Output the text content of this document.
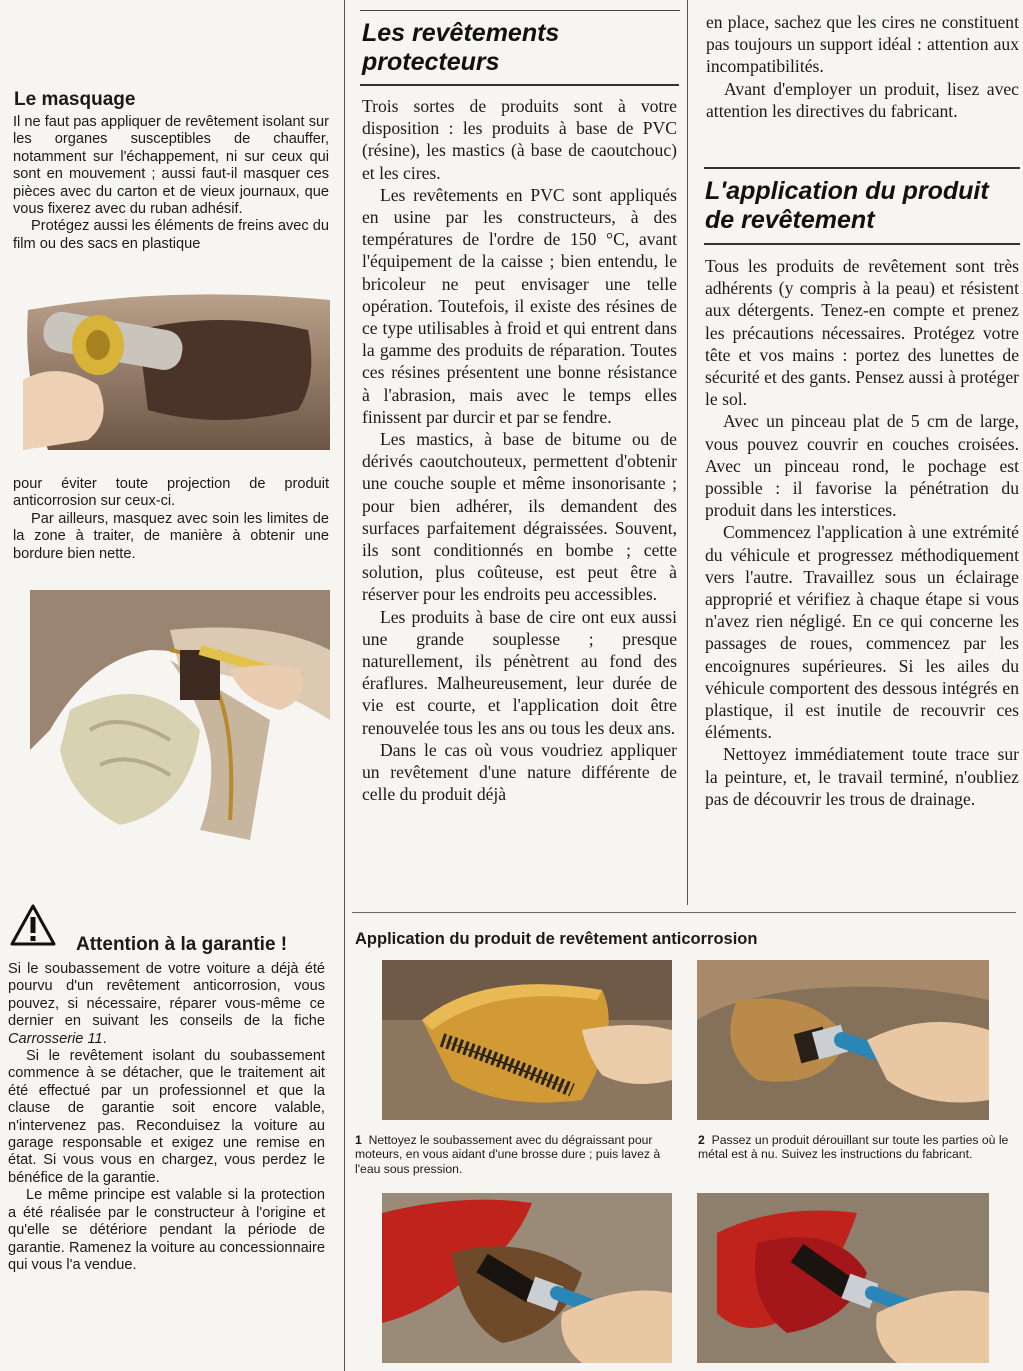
Le masquage

Il ne faut pas appliquer de revêtement isolant sur les organes susceptibles de chauffer, notamment sur l'échappement, ni sur ceux qui sont en mouvement ; aussi faut-il masquer ces pièces avec du carton et de vieux journaux, que vous fixerez avec du ruban adhésif.

Protégez aussi les éléments de freins avec du film ou des sacs en plastique

pour éviter toute projection de produit anticorrosion sur ceux-ci.

Par ailleurs, masquez avec soin les limites de la zone à traiter, de manière à obtenir une bordure bien nette.

Attention à la garantie !

Si le soubassement de votre voiture a déjà été pourvu d'un revêtement anticorrosion, vous pouvez, si nécessaire, réparer vous-même ce dernier en suivant les conseils de la fiche Carrosserie 11.

Si le revêtement isolant du soubassement commence à se détacher, que le traitement ait été effectué par un professionnel et que la clause de garantie soit encore valable, n'intervenez pas. Reconduisez la voiture au garage responsable et exigez une remise en état. Si vous vous en chargez, vous perdez le bénéfice de la garantie.

Le même principe est valable si la protection a été réalisée par le constructeur à l'origine et qu'elle se détériore pendant la période de garantie. Ramenez la voiture au concessionnaire qui vous l'a vendue.

Les revêtements
protecteurs

Trois sortes de produits sont à votre disposition : les produits à base de PVC (résine), les mastics (à base de caoutchouc) et les cires.

Les revêtements en PVC sont appliqués en usine par les constructeurs, à des températures de l'ordre de 150 °C, avant l'équipement de la caisse ; bien entendu, le bricoleur ne peut envisager une telle opération. Toutefois, il existe des résines de ce type utilisables à froid et qui entrent dans la gamme des produits de réparation. Toutes ces résines présentent une bonne résistance à l'abrasion, mais avec le temps elles finissent par durcir et par se fendre.

Les mastics, à base de bitume ou de dérivés caoutchouteux, permettent d'obtenir une couche souple et même insonorisante ; pour bien adhérer, ils demandent des surfaces parfaitement dégraissées. Souvent, ils sont conditionnés en bombe ; cette solution, plus coûteuse, est peut être à réserver pour les endroits peu accessibles.

Les produits à base de cire ont eux aussi une grande souplesse ; presque naturellement, ils pénètrent au fond des éraflures. Malheureusement, leur durée de vie est courte, et l'application doit être renouvelée tous les ans ou tous les deux ans.

Dans le cas où vous voudriez appliquer un revêtement d'une nature différente de celle du produit déjà

en place, sachez que les cires ne constituent pas toujours un support idéal : attention aux incompatibilités.

Avant d'employer un produit, lisez avec attention les directives du fabricant.

L'application du produit
de revêtement

Tous les produits de revêtement sont très adhérents (y compris à la peau) et résistent aux détergents. Tenez-en compte et prenez les précautions nécessaires. Protégez votre tête et vos mains : portez des lunettes de sécurité et des gants. Pensez aussi à protéger le sol.

Avec un pinceau plat de 5 cm de large, vous pouvez couvrir en couches croisées. Avec un pinceau rond, le pochage est possible : il favorise la pénétration du produit dans les interstices.

Commencez l'application à une extrémité du véhicule et progressez méthodiquement vers l'autre. Travaillez sous un éclairage approprié et vérifiez à chaque étape si vous n'avez rien négligé. En ce qui concerne les passages de roues, commencez par les encoignures supérieures. Si les ailes du véhicule comportent des dessous intégrés en plastique, il est inutile de recouvrir ces éléments.

Nettoyez immédiatement toute trace sur la peinture, et, le travail terminé, n'oubliez pas de découvrir les trous de drainage.

Application du produit de revêtement anticorrosion
1 Nettoyez le soubassement avec du dégraissant pour moteurs, en vous aidant d'une brosse dure ; puis lavez à l'eau sous pression.
2 Passez un produit dérouillant sur toute les parties où le métal est à nu. Suivez les instructions du fabricant.
